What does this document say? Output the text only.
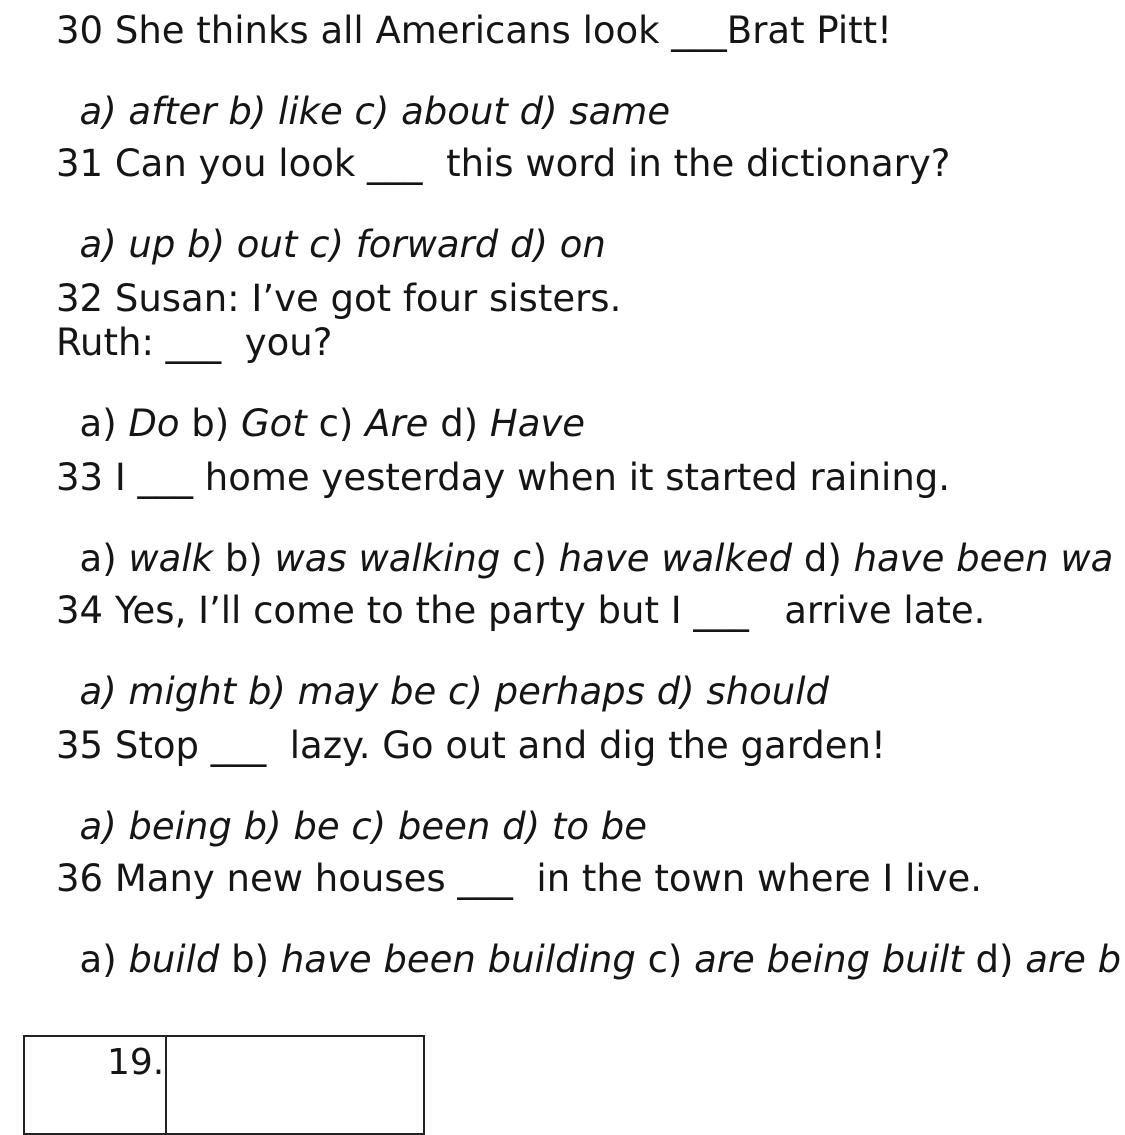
30 She thinks all Americans look ___Brat Pitt!

a) after b) like c) about d) same

31 Can you look ___  this word in the dictionary?

a) up b) out c) forward d) on

32 Susan: I’ve got four sisters.
Ruth: ___  you?

a) Do b) Got c) Are d) Have

33 I ___ home yesterday when it started raining.

a) walk b) was walking c) have walked d) have been wa

34 Yes, I’ll come to the party but I ___   arrive late.

a) might b) may be c) perhaps d) should

35 Stop ___  lazy. Go out and dig the garden!

a) being b) be c) been d) to be

36 Many new houses ___  in the town where I live.

a) build b) have been building c) are being built d) are b

19.
